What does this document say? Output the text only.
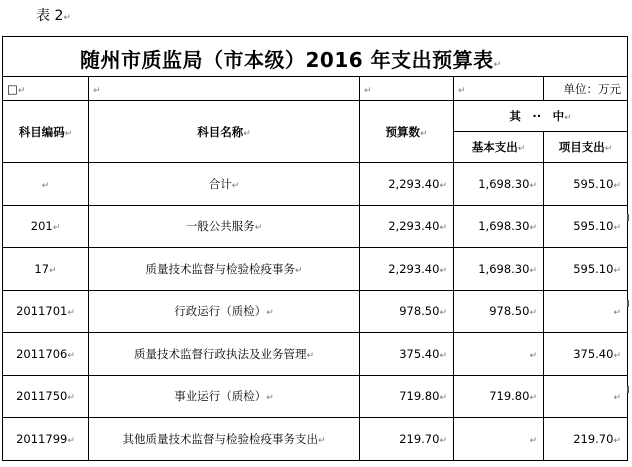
表 2↵

□↵	↵	↵	↵	单位：万元
科目编码↵	科目名称↵	预算数↵	其　··　中↵	
			基本支出↵	项目支出↵
↵	合计↵	2,293.40↵	1,698.30↵	595.10↵
201↵	一般公共服务↵	2,293.40↵	1,698.30↵	595.10↵
17↵	质量技术监督与检验检疫事务↵	2,293.40↵	1,698.30↵	595.10↵
2011701↵	行政运行（质检）↵	978.50↵	978.50↵	↵
2011706↵	质量技术监督行政执法及业务管理↵	375.40↵	↵	375.40↵
2011750↵	事业运行（质检）↵	719.80↵	719.80↵	↵
2011799↵	其他质量技术监督与检验检疫事务支出↵	219.70↵	↵	219.70↵
随州市质监局（市本级）2016 年支出预算表↵
